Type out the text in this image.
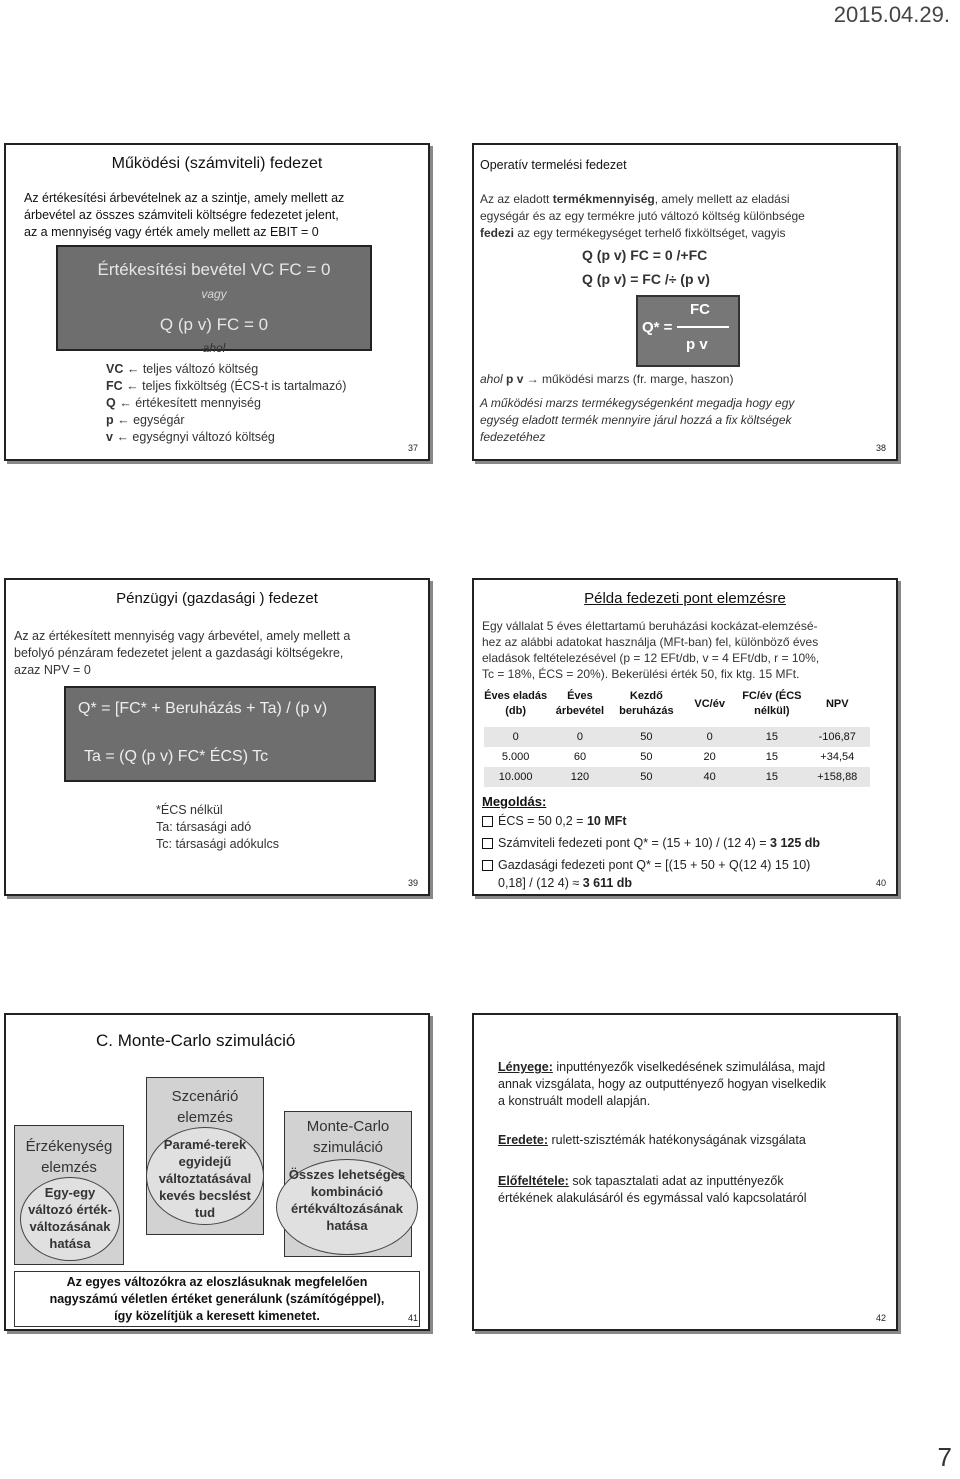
2015.04.29.
Működési (számviteli) fedezet
Az értékesítési árbevételnek az a szintje, amely mellett az
árbevétel az összes számviteli költségre fedezetet jelent,
az a mennyiség vagy érték amely mellett az EBIT = 0
Értékesítési bevétel VC FC = 0
vagy
Q (p v) FC = 0
ahol
VC ← teljes változó költség
FC ← teljes fixköltség (ÉCS-t is tartalmazó)
Q ← értékesített mennyiség
p ← egységár
v ← egységnyi változó költség
37
Operatív termelési fedezet
Az az eladott termékmennyiség, amely mellett az eladási
egységár és az egy termékre jutó változó költség különbsége
fedezi az egy termékegységet terhelő fixköltséget, vagyis
Q (p v) FC = 0 /+FC
Q (p v) = FC /÷ (p v)
Q* =
FC
p v
ahol p v → működési marzs (fr. marge, haszon)
A működési marzs termékegységenként megadja hogy egy
egység eladott termék mennyire járul hozzá a fix költségek
fedezetéhez
38
Pénzügyi (gazdasági ) fedezet
Az az értékesített mennyiség vagy árbevétel, amely mellett a
befolyó pénzáram fedezetet jelent a gazdasági költségekre,
azaz NPV = 0
Q* = [FC* + Beruházás + Ta) / (p v)
Ta = (Q (p v) FC* ÉCS) Tc
*ÉCS nélkül
Ta: társasági adó
Tc: társasági adókulcs
39
Példa fedezeti pont elemzésre
Egy vállalat 5 éves élettartamú beruházási kockázat-elemzésé-
hez az alábbi adatokat használja (MFt-ban) fel, különböző éves
eladások feltételezésével (p = 12 EFt/db, v = 4 EFt/db, r = 10%,
Tc = 18%, ÉCS = 20%). Bekerülési érték 50, fix ktg. 15 MFt.
Éves eladás (db)	Éves árbevétel	Kezdő beruházás	VC/év	FC/év (ÉCS nélkül)	NPV
0	0	50	0	15	-106,87
5.000	60	50	20	15	+34,54
10.000	120	50	40	15	+158,88
Megoldás:
ÉCS = 50 0,2 = 10 MFt
Számviteli fedezeti pont Q* = (15 + 10) / (12 4) = 3 125 db
Gazdasági fedezeti pont Q* = [(15 + 50 + Q(12 4) 15 10)
0,18] / (12 4) ≈ 3 611 db	40
C. Monte-Carlo szimuláció
Érzékenység elemzés
Egy-egy változó érték-változásának hatása
Szcenárió elemzés
Paramé-terek egyidejű változtatásával kevés becslést tud
Monte-Carlo szimuláció
Összes lehetséges kombináció értékváltozásának hatása
Az egyes változókra az eloszlásuknak megfelelően
nagyszámú véletlen értéket generálunk (számítógéppel),
így közelítjük a keresett kimenetet.	41
Lényege: inputtényezők viselkedésének szimulálása, majd
annak vizsgálata, hogy az outputtényező hogyan viselkedik
a konstruált modell alapján.
Eredete: rulett-szisztémák hatékonyságának vizsgálata
Előfeltétele: sok tapasztalati adat az inputtényezők
értékének alakulásáról és egymással való kapcsolatáról
42
7
